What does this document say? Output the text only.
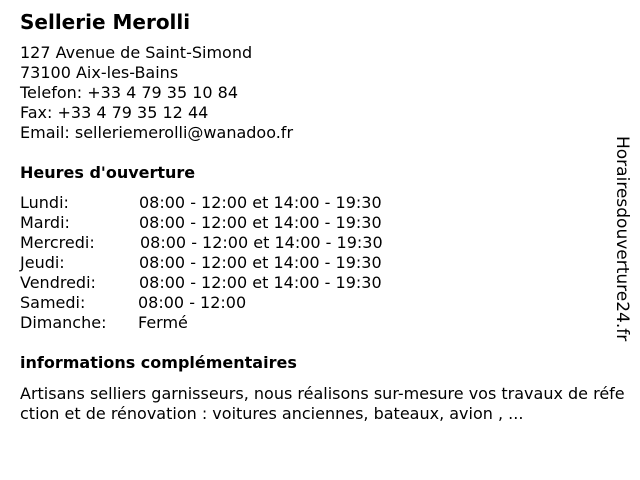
Sellerie Merolli
127 Avenue de Saint-Simond
73100 Aix-les-Bains
Telefon: +33 4 79 35 10 84
Fax: +33 4 79 35 12 44
Email: selleriemerolli@wanadoo.fr
Heures d'ouverture
Lundi:	08:00 - 12:00 et 14:00 - 19:30
Mardi:	08:00 - 12:00 et 14:00 - 19:30
Mercredi:	08:00 - 12:00 et 14:00 - 19:30
Jeudi:	08:00 - 12:00 et 14:00 - 19:30
Vendredi:	08:00 - 12:00 et 14:00 - 19:30
Samedi:	08:00 - 12:00
Dimanche: Fermé
informations complémentaires
Artisans selliers garnisseurs, nous réalisons sur-mesure vos travaux de réfection et de rénovation : voitures anciennes, bateaux, avion , ...
Horairesdouverture24.fr
